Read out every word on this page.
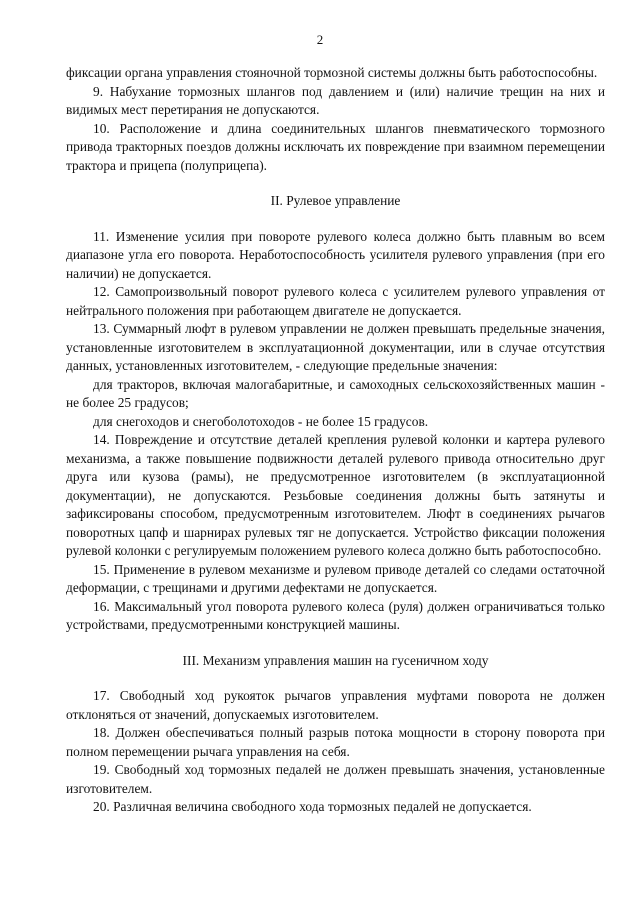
2

фиксации органа управления стояночной тормозной системы должны быть работоспособны.

9. Набухание тормозных шлангов под давлением и (или) наличие трещин на них и видимых мест перетирания не допускаются.

10. Расположение и длина соединительных шлангов пневматического тормозного привода тракторных поездов должны исключать их повреждение при взаимном перемещении трактора и прицепа (полуприцепа).

II. Рулевое управление

11. Изменение усилия при повороте рулевого колеса должно быть плавным во всем диапазоне угла его поворота. Неработоспособность усилителя рулевого управления (при его наличии) не допускается.

12. Самопроизвольный поворот рулевого колеса с усилителем рулевого управления от нейтрального положения при работающем двигателе не допускается.

13. Суммарный люфт в рулевом управлении не должен превышать предельные значения, установленные изготовителем в эксплуатационной документации, или в случае отсутствия данных, установленных изготовителем, - следующие предельные значения:

для тракторов, включая малогабаритные, и самоходных сельскохозяйственных машин - не более 25 градусов;

для снегоходов и снегоболотоходов - не более 15 градусов.

14. Повреждение и отсутствие деталей крепления рулевой колонки и картера рулевого механизма, а также повышение подвижности деталей рулевого привода относительно друг друга или кузова (рамы), не предусмотренное изготовителем (в эксплуатационной документации), не допускаются. Резьбовые соединения должны быть затянуты и зафиксированы способом, предусмотренным изготовителем. Люфт в соединениях рычагов поворотных цапф и шарнирах рулевых тяг не допускается. Устройство фиксации положения рулевой колонки с регулируемым положением рулевого колеса должно быть работоспособно.

15. Применение в рулевом механизме и рулевом приводе деталей со следами остаточной деформации, с трещинами и другими дефектами не допускается.

16. Максимальный угол поворота рулевого колеса (руля) должен ограничиваться только устройствами, предусмотренными конструкцией машины.

III. Механизм управления машин на гусеничном ходу

17. Свободный ход рукояток рычагов управления муфтами поворота не должен отклоняться от значений, допускаемых изготовителем.

18. Должен обеспечиваться полный разрыв потока мощности в сторону поворота при полном перемещении рычага управления на себя.

19. Свободный ход тормозных педалей не должен превышать значения, установленные изготовителем.

20. Различная величина свободного хода тормозных педалей не допускается.
